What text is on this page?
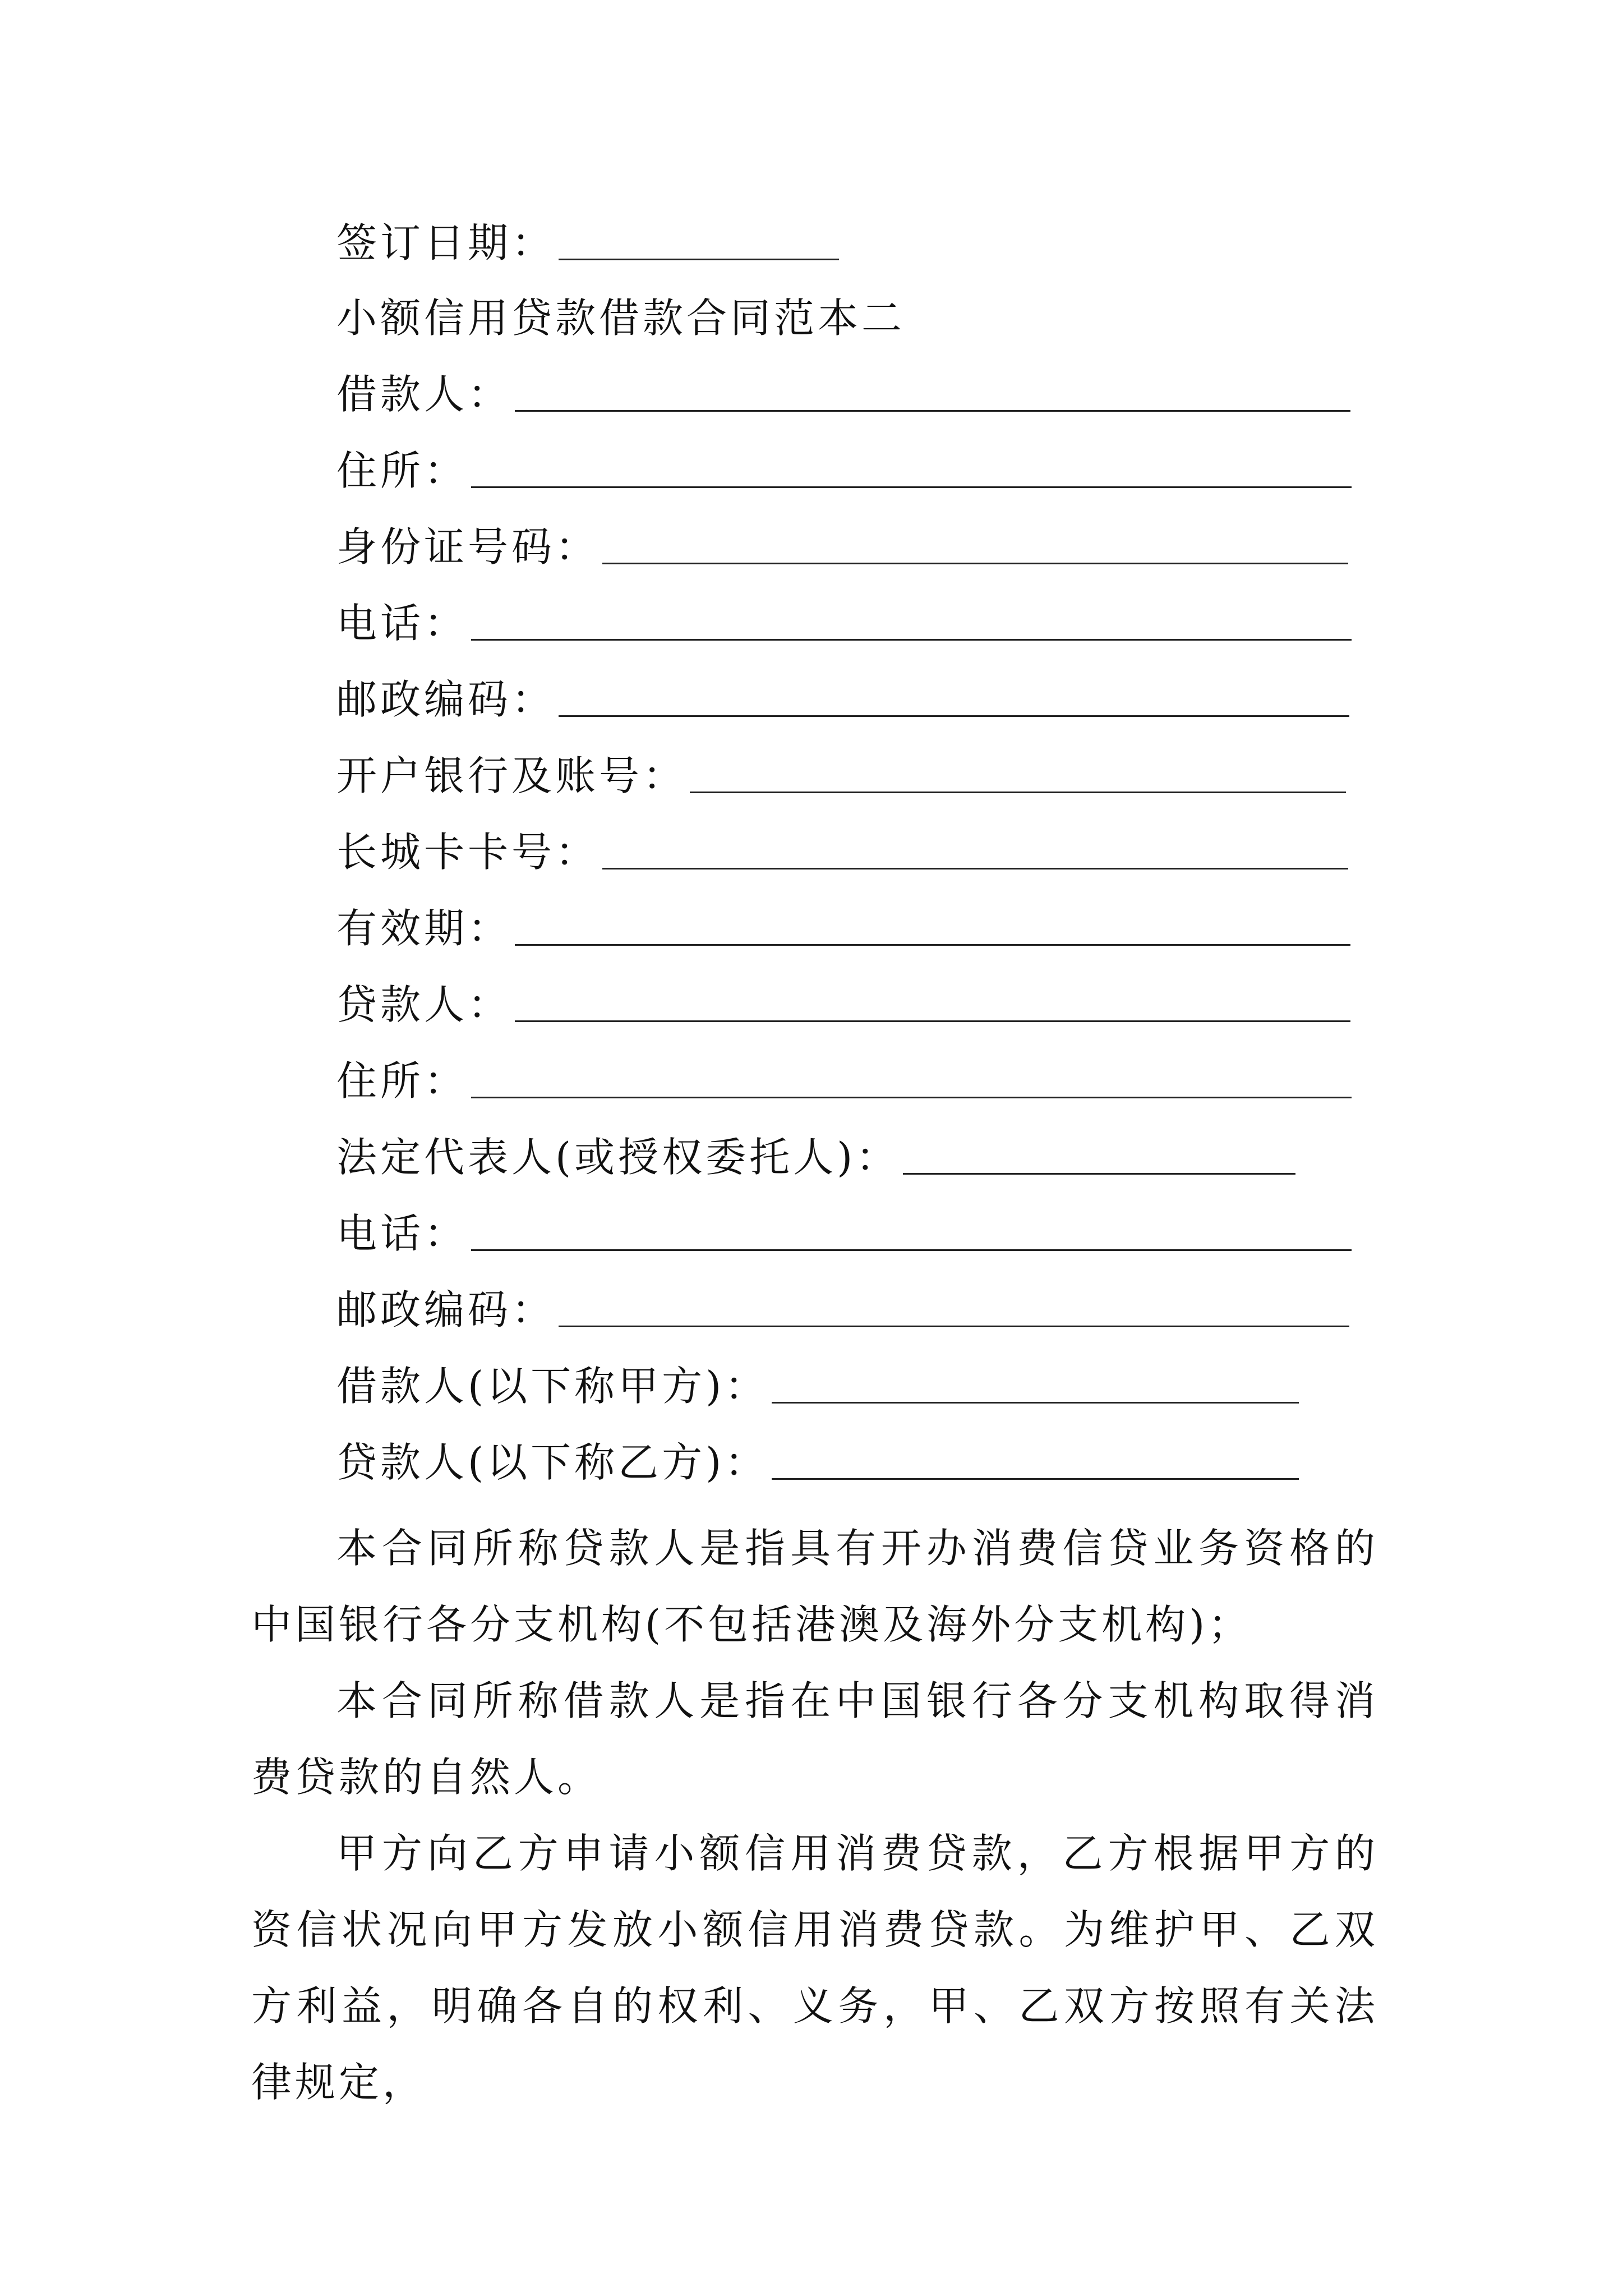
签订日期：
小额信用贷款借款合同范本二
借款人：
住所：
身份证号码：
电话：
邮政编码：
开户银行及账号：
长城卡卡号：
有效期：
贷款人：
住所：
法定代表人(或授权委托人)：
电话：
邮政编码：
借款人(以下称甲方)：
贷款人(以下称乙方)：
本合同所称贷款人是指具有开办消费信贷业务资格的中国银行各分支机构(不包括港澳及海外分支机构)；
本合同所称借款人是指在中国银行各分支机构取得消费贷款的自然人。
甲方向乙方申请小额信用消费贷款，乙方根据甲方的资信状况向甲方发放小额信用消费贷款。为维护甲、乙双方利益，明确各自的权利、义务，甲、乙双方按照有关法律规定，
